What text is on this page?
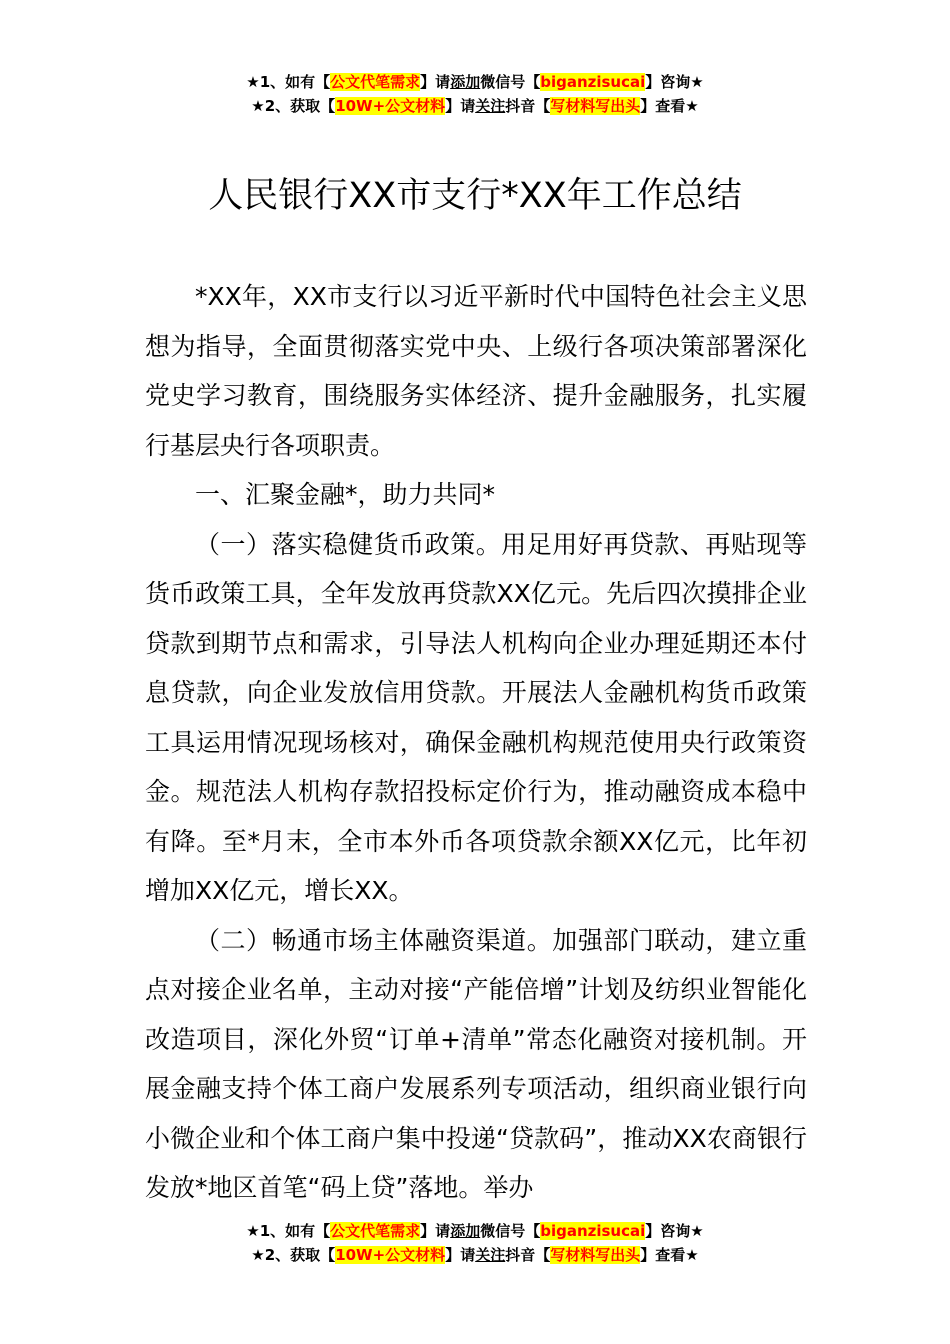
★1、如有【公文代笔需求】请添加微信号【biganzisucai】咨询★
★2、获取【10W+公文材料】请关注抖音【写材料写出头】查看★
人民银行XX市支行*XX年工作总结

*XX年，XX市支行以习近平新时代中国特色社会主义思想为指导，全面贯彻落实党中央、上级行各项决策部署深化党史学习教育，围绕服务实体经济、提升金融服务，扎实履行基层央行各项职责。

一、汇聚金融*，助力共同*

（一）落实稳健货币政策。用足用好再贷款、再贴现等货币政策工具，全年发放再贷款XX亿元。先后四次摸排企业贷款到期节点和需求，引导法人机构向企业办理延期还本付息贷款，向企业发放信用贷款。开展法人金融机构货币政策工具运用情况现场核对，确保金融机构规范使用央行政策资金。规范法人机构存款招投标定价行为，推动融资成本稳中有降。至*月末，全市本外币各项贷款余额XX亿元，比年初增加XX亿元，增长XX。

（二）畅通市场主体融资渠道。加强部门联动，建立重点对接企业名单，主动对接“产能倍增”计划及纺织业智能化改造项目，深化外贸“订单+清单”常态化融资对接机制。开展金融支持个体工商户发展系列专项活动，组织商业银行向小微企业和个体工商户集中投递“贷款码”，推动XX农商银行发放*地区首笔“码上贷”落地。举办

★1、如有【公文代笔需求】请添加微信号【biganzisucai】咨询★
★2、获取【10W+公文材料】请关注抖音【写材料写出头】查看★
